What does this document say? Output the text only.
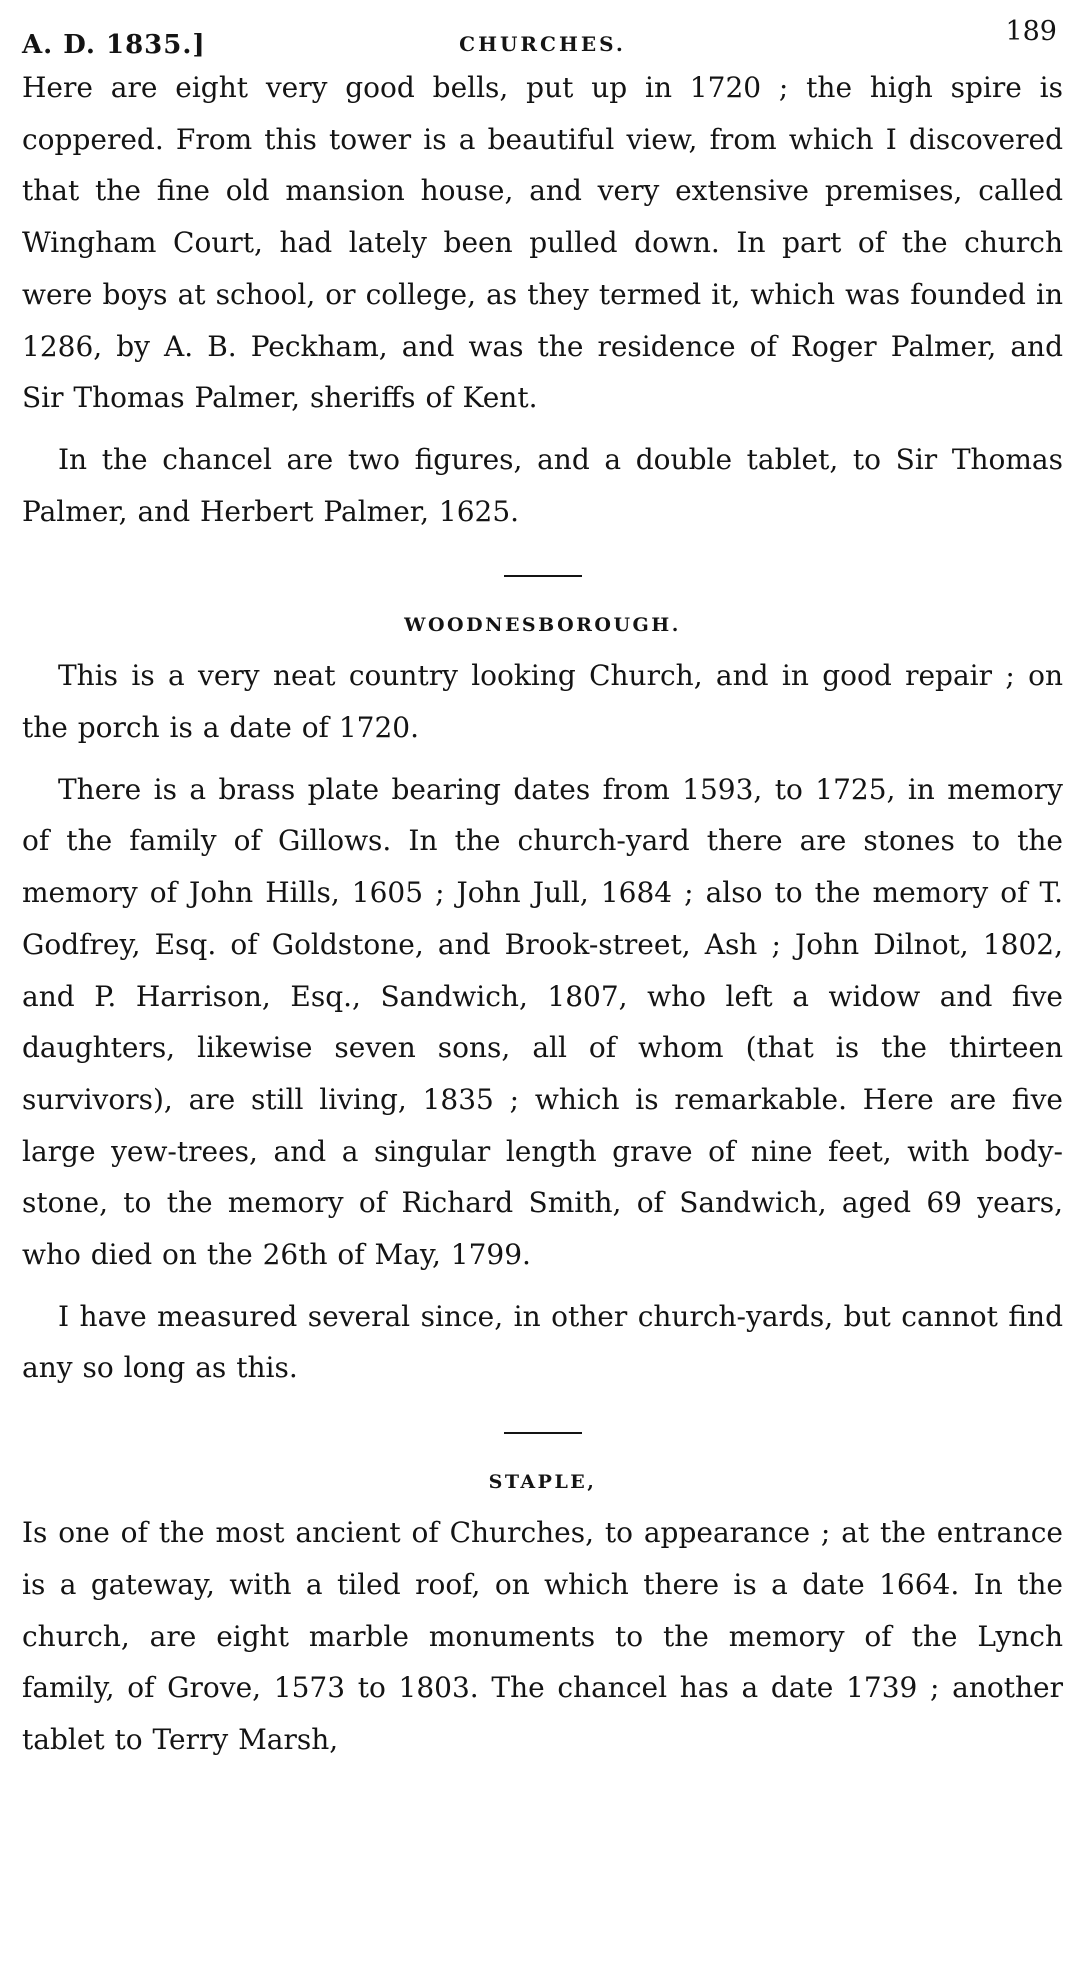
A. D. 1835.]	CHURCHES.	189

Here are eight very good bells, put up in 1720 ; the high spire is coppered. From this tower is a beautiful view, from which I discovered that the fine old mansion house, and very extensive premises, called Wingham Court, had lately been pulled down. In part of the church were boys at school, or college, as they termed it, which was founded in 1286, by A. B. Peckham, and was the residence of Roger Palmer, and Sir Thomas Palmer, sheriffs of Kent.

In the chancel are two figures, and a double tablet, to Sir Thomas Palmer, and Herbert Palmer, 1625.

WOODNESBOROUGH.

This is a very neat country looking Church, and in good repair ; on the porch is a date of 1720.

There is a brass plate bearing dates from 1593, to 1725, in memory of the family of Gillows. In the church-yard there are stones to the memory of John Hills, 1605 ; John Jull, 1684 ; also to the memory of T. Godfrey, Esq. of Goldstone, and Brook-street, Ash ; John Dilnot, 1802, and P. Harrison, Esq., Sandwich, 1807, who left a widow and five daughters, likewise seven sons, all of whom (that is the thirteen survivors), are still living, 1835 ; which is remarkable. Here are five large yew-trees, and a singular length grave of nine feet, with body-stone, to the memory of Richard Smith, of Sandwich, aged 69 years, who died on the 26th of May, 1799.

I have measured several since, in other church-yards, but cannot find any so long as this.

STAPLE,

Is one of the most ancient of Churches, to appearance ; at the entrance is a gateway, with a tiled roof, on which there is a date 1664. In the church, are eight marble monuments to the memory of the Lynch family, of Grove, 1573 to 1803. The chancel has a date 1739 ; another tablet to Terry Marsh,
